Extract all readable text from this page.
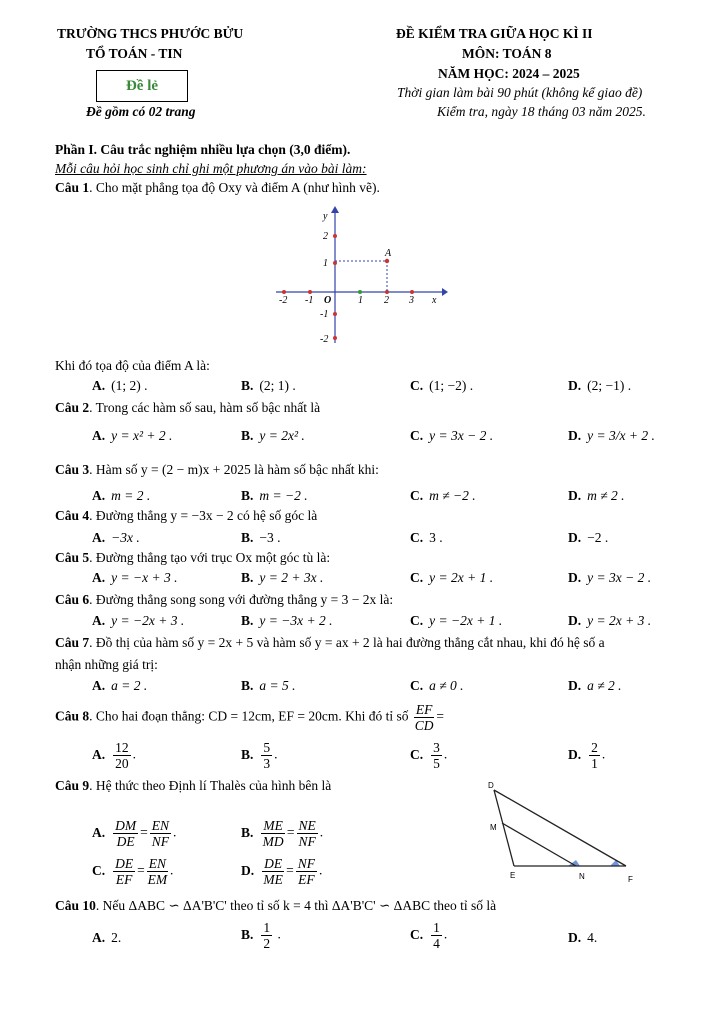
TRƯỜNG THCS PHƯỚC BỬU
TỔ TOÁN - TIN
Đề lẻ
Đề gồm có 02 trang
ĐỀ KIỂM TRA GIỮA HỌC KÌ II
MÔN: TOÁN 8
NĂM HỌC: 2024 – 2025
Thời gian làm bài 90 phút (không kể giao đề)
Kiểm tra, ngày 18 tháng 03 năm 2025.
Phần I. Câu trắc nghiệm nhiều lựa chọn (3,0 điểm).
Mỗi câu hỏi học sinh chỉ ghi một phương án vào bài làm:
Câu 1. Cho mặt phẳng tọa độ Oxy và điểm A (như hình vẽ).
-2 -1	1 2 3
2
1
-1
-2
O	x
y
A
Khi đó tọa độ của điểm A là:
A. (1; 2) .	B. (2; 1) .	C. (1; −2) .	D. (2; −1) .
Câu 2. Trong các hàm số sau, hàm số bậc nhất là
A. y = x² + 2 .	B. y = 2x² .	C. y = 3x − 2 .	D. y = 3/x + 2 .
Câu 3. Hàm số y = (2 − m)x + 2025 là hàm số bậc nhất khi:
A. m = 2 .	B. m = −2 .	C. m ≠ −2 .	D. m ≠ 2 .
Câu 4. Đường thẳng y = −3x − 2 có hệ số góc là
A. −3x .	B. −3 .	C. 3 .	D. −2 .
Câu 5. Đường thẳng tạo với trục Ox một góc tù là:
A. y = −x + 3 .	B. y = 2 + 3x .	C. y = 2x + 1 .	D. y = 3x − 2 .
Câu 6. Đường thẳng song song với đường thẳng y = 3 − 2x là:
A. y = −2x + 3 .	B. y = −3x + 2 .	C. y = −2x + 1 .	D. y = 2x + 3 .
Câu 7. Đồ thị của hàm số y = 2x + 5 và hàm số y = ax + 2 là hai đường thẳng cắt nhau, khi đó hệ số a
nhận những giá trị:
A. a = 2 .	B. a = 5 .	C. a ≠ 0 .	D. a ≠ 2 .
Câu 8. Cho hai đoạn thẳng: CD = 12cm, EF = 20cm. Khi đó tỉ số $\frac{EF}{CD}$ =
A. $\frac{12}{20}$ .	B. $\frac{5}{3}$ .	C. $\frac{3}{5}$ .	D. $\frac{2}{1}$ .
Câu 9. Hệ thức theo Định lí Thalès của hình bên là
A. $\frac{DM}{DE} = \frac{EN}{NF}$ .	B. $\frac{ME}{MD} = \frac{NE}{NF}$ .
C. $\frac{DE}{EF} = \frac{EN}{EM}$ .	D. $\frac{DE}{ME} = \frac{NF}{EF}$ .
D
M
E	N	F
Câu 10. Nếu ΔABC ∽ ΔA'B'C' theo tỉ số k = 4 thì ΔA'B'C' ∽ ΔABC theo tỉ số là
A. 2.	B. $\frac{1}{2}$ .	C. $\frac{1}{4}$ .	D. 4.
